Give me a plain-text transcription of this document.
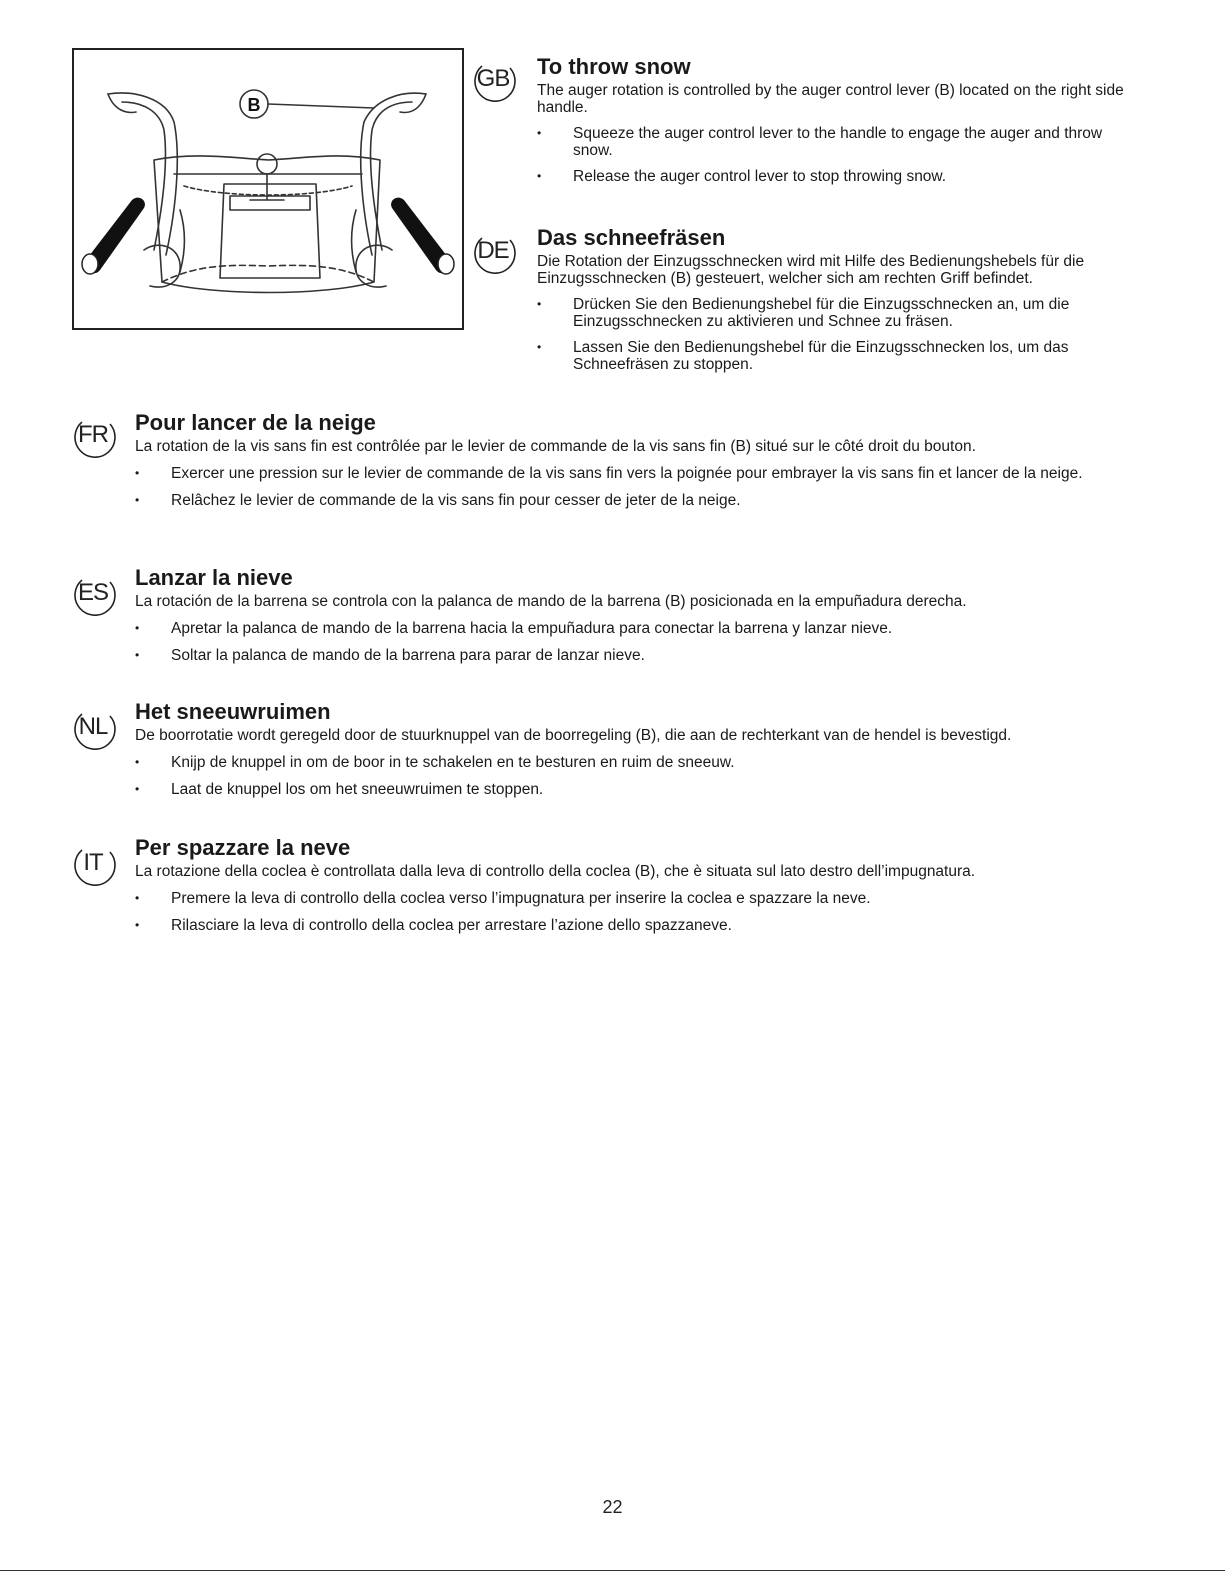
B
GB
DE
FR
ES
NL
IT
To throw snow

The auger rotation is controlled by the auger control lever (B) located on the right side handle.

• Squeeze the auger control lever to the handle to engage the auger and throw snow.
• Release the auger control lever to stop throwing snow.
Das schneefräsen

Die Rotation der Einzugsschnecken wird mit Hilfe des Bedienungshebels für die Einzugsschnecken (B) gesteuert, welcher sich am rechten Griff befindet.

• Drücken Sie den Bedienungshebel für die Einzugsschnecken an, um die Einzugsschnecken zu aktivieren und Schnee zu fräsen.
• Lassen Sie den Bedienungshebel für die Einzugsschnecken los, um das Schneefräsen zu stoppen.
Pour lancer de la neige

La rotation de la vis sans fin est contrôlée par le levier de commande de la vis sans fin (B) situé sur le côté droit du bouton.

• Exercer une pression sur le levier de commande de la vis sans fin vers la poignée pour embrayer la vis sans fin et lancer de la neige.
• Relâchez le levier de commande de la vis sans fin pour cesser de jeter de la neige.
Lanzar la nieve

La rotación de la barrena se controla con la palanca de mando de la barrena (B) posicionada en la empuñadura derecha.

• Apretar la palanca de mando de la barrena hacia la empuñadura para conectar la barrena y lanzar nieve.
• Soltar la palanca de mando de la barrena para parar de lanzar nieve.
Het sneeuwruimen

De boorrotatie wordt geregeld door de stuurknuppel van de boorregeling (B), die aan de rechterkant van de hendel is bevestigd.

• Knijp de knuppel in om de boor in te schakelen en te besturen en ruim de sneeuw.
• Laat de knuppel los om het sneeuwruimen te stoppen.
Per spazzare la neve

La rotazione della coclea è controllata dalla leva di controllo della coclea (B), che è situata sul lato destro dell’impugnatura.

• Premere la leva di controllo della coclea verso l’impugnatura per inserire la coclea e spazzare la neve.
• Rilasciare la leva di controllo della coclea per arrestare l’azione dello spazzaneve.
22
